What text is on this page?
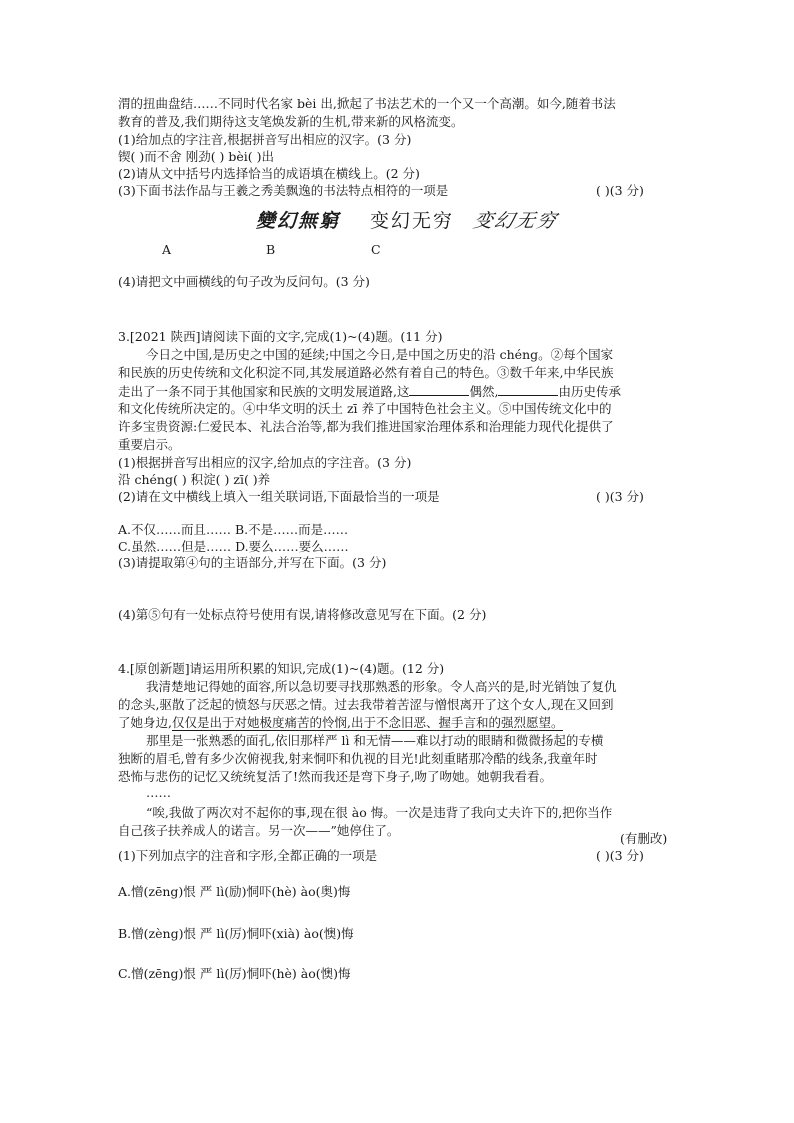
渭的扭曲盘结……不同时代名家 bèi 出,掀起了书法艺术的一个又一个高潮。如今,随着书法
教育的普及,我们期待这支笔焕发新的生机,带来新的风格流变。
(1)给加点的字注音,根据拼音写出相应的汉字。(3 分)
锲( )而不舍 刚劲( ) bèi( )出
(2)请从文中括号内选择恰当的成语填在横线上。(2 分)
(3)下面书法作品与王羲之秀美飘逸的书法特点相符的一项是	( )(3 分)
變幻無窮 变幻无穷 变幻无穷
A	B	C
(4)请把文中画横线的句子改为反问句。(3 分)
3.[2021 陕西]请阅读下面的文字,完成(1)~(4)题。(11 分)
今日之中国,是历史之中国的延续;中国之今日,是中国之历史的沿 chéng。②每个国家
和民族的历史传统和文化积淀不同,其发展道路必然有着自己的特色。③数千年来,中华民族
走出了一条不同于其他国家和民族的文明发展道路,这	偶然,	由历史传承
和文化传统所决定的。④中华文明的沃土 zī 养了中国特色社会主义。⑤中国传统文化中的
许多宝贵资源:仁爱民本、礼法合治等,都为我们推进国家治理体系和治理能力现代化提供了
重要启示。
(1)根据拼音写出相应的汉字,给加点的字注音。(3 分)
沿 chéng( ) 积淀( ) zī( )养
(2)请在文中横线上填入一组关联词语,下面最恰当的一项是	( )(3 分)
A.不仅……而且…… B.不是……而是……
C.虽然……但是…… D.要么……要么……
(3)请提取第④句的主语部分,并写在下面。(3 分)
(4)第⑤句有一处标点符号使用有误,请将修改意见写在下面。(2 分)
4.[原创新题]请运用所积累的知识,完成(1)~(4)题。(12 分)
我清楚地记得她的面容,所以急切要寻找那熟悉的形象。令人高兴的是,时光销蚀了复仇
的念头,驱散了泛起的愤怒与厌恶之情。过去我带着苦涩与憎恨离开了这个女人,现在又回到
了她身边,仅仅是出于对她极度痛苦的怜悯,出于不念旧恶、握手言和的强烈愿望。
那里是一张熟悉的面孔,依旧那样严 lì 和无情——难以打动的眼睛和微微扬起的专横
独断的眉毛,曾有多少次俯视我,射来恫吓和仇视的目光!此刻重睹那冷酷的线条,我童年时
恐怖与悲伤的记忆又统统复活了!然而我还是弯下身子,吻了吻她。她朝我看看。
……
“唉,我做了两次对不起你的事,现在很 ào 悔。一次是违背了我向丈夫许下的,把你当作
自己孩子扶养成人的诺言。另一次——”她停住了。
(有删改)
(1)下列加点字的注音和字形,全都正确的一项是	( )(3 分)
A.憎(zēng)恨 严 lì(励)恫吓(hè) ào(奥)悔
B.憎(zèng)恨 严 lì(厉)恫吓(xià) ào(懊)悔
C.憎(zēng)恨 严 lì(厉)恫吓(hè) ào(懊)悔
